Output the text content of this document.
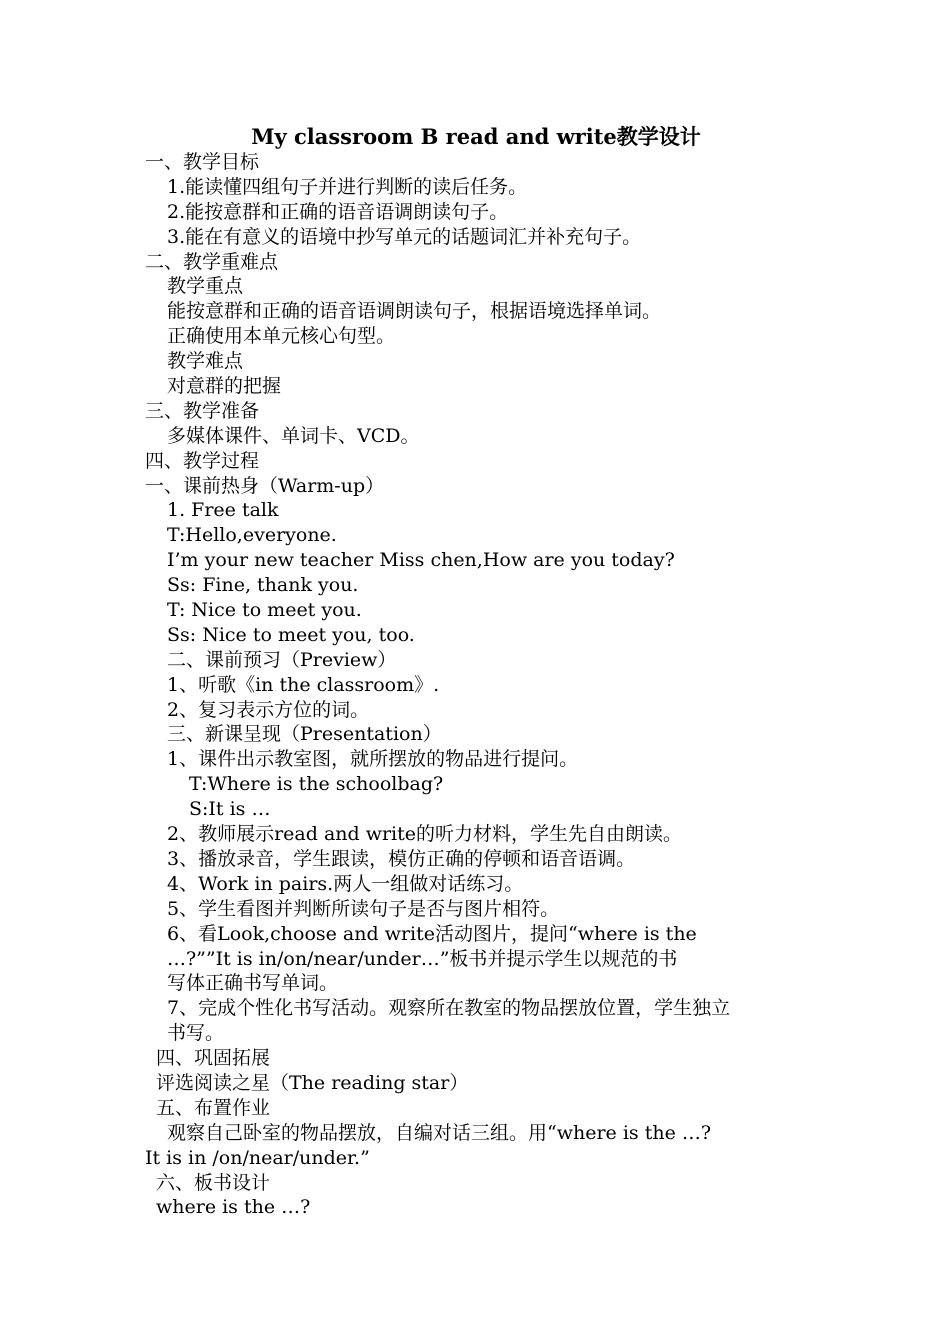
My classroom B read and write教学设计
一、教学目标
1.能读懂四组句子并进行判断的读后任务。
2.能按意群和正确的语音语调朗读句子。
3.能在有意义的语境中抄写单元的话题词汇并补充句子。
二、教学重难点
教学重点
能按意群和正确的语音语调朗读句子，根据语境选择单词。
正确使用本单元核心句型。
教学难点
对意群的把握
三、教学准备
多媒体课件、单词卡、VCD。
四、教学过程
一、课前热身（Warm-up）
1. Free talk
T:Hello,everyone.
I’m your new teacher Miss chen,How are you today?
Ss: Fine, thank you.
T: Nice to meet you.
Ss: Nice to meet you, too.
二、课前预习（Preview）
1、听歌《in the classroom》.
2、复习表示方位的词。
三、新课呈现（Presentation）
1、课件出示教室图，就所摆放的物品进行提问。
T:Where is the schoolbag?
S:It is …
2、教师展示read and write的听力材料，学生先自由朗读。
3、播放录音，学生跟读，模仿正确的停顿和语音语调。
4、Work in pairs.两人一组做对话练习。
5、学生看图并判断所读句子是否与图片相符。
6、看Look,choose and write活动图片，提问“where is the
…?””It is in/on/near/under…”板书并提示学生以规范的书
写体正确书写单词。
7、完成个性化书写活动。观察所在教室的物品摆放位置，学生独立
书写。
四、巩固拓展
评选阅读之星（The reading star）
五、布置作业
观察自己卧室的物品摆放，自编对话三组。用“where is the …?
It is in /on/near/under.”
六、板书设计
where is the …?
